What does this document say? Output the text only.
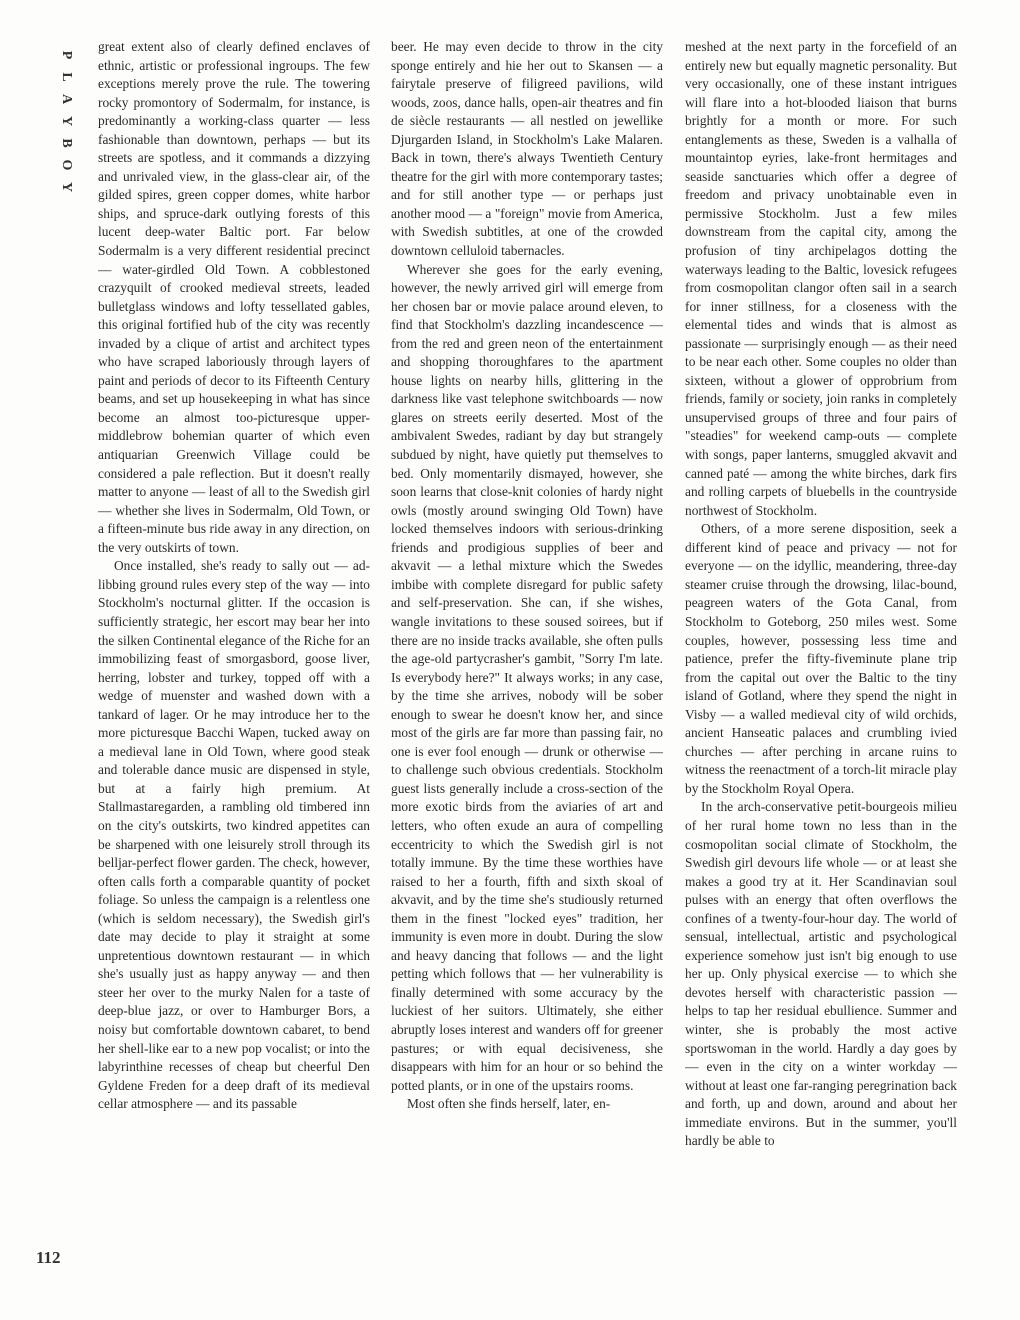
P
L
A
Y
B
O
Y
112

great extent also of clearly defined enclaves of ethnic, artistic or professional ingroups. The few exceptions merely prove the rule. The towering rocky promontory of Sodermalm, for instance, is predominantly a working-class quarter — less fashionable than downtown, perhaps — but its streets are spotless, and it commands a dizzying and unrivaled view, in the glass-clear air, of the gilded spires, green copper domes, white harbor ships, and spruce-dark outlying forests of this lucent deep-water Baltic port. Far below Sodermalm is a very different residential precinct — water-girdled Old Town. A cobblestoned crazyquilt of crooked medieval streets, leaded bulletglass windows and lofty tessellated gables, this original fortified hub of the city was recently invaded by a clique of artist and architect types who have scraped laboriously through layers of paint and periods of decor to its Fifteenth Century beams, and set up housekeeping in what has since become an almost too-picturesque upper-middlebrow bohemian quarter of which even antiquarian Greenwich Village could be considered a pale reflection. But it doesn't really matter to anyone — least of all to the Swedish girl — whether she lives in Sodermalm, Old Town, or a fifteen-minute bus ride away in any direction, on the very outskirts of town.

Once installed, she's ready to sally out — ad-libbing ground rules every step of the way — into Stockholm's nocturnal glitter. If the occasion is sufficiently strategic, her escort may bear her into the silken Continental elegance of the Riche for an immobilizing feast of smorgasbord, goose liver, herring, lobster and turkey, topped off with a wedge of muenster and washed down with a tankard of lager. Or he may introduce her to the more picturesque Bacchi Wapen, tucked away on a medieval lane in Old Town, where good steak and tolerable dance music are dispensed in style, but at a fairly high premium. At Stallmastaregarden, a rambling old timbered inn on the city's outskirts, two kindred appetites can be sharpened with one leisurely stroll through its belljar-perfect flower garden. The check, however, often calls forth a comparable quantity of pocket foliage. So unless the campaign is a relentless one (which is seldom necessary), the Swedish girl's date may decide to play it straight at some unpretentious downtown restaurant — in which she's usually just as happy anyway — and then steer her over to the murky Nalen for a taste of deep-blue jazz, or over to Hamburger Bors, a noisy but comfortable downtown cabaret, to bend her shell-like ear to a new pop vocalist; or into the labyrinthine recesses of cheap but cheerful Den Gyldene Freden for a deep draft of its medieval cellar atmosphere — and its passable

beer. He may even decide to throw in the city sponge entirely and hie her out to Skansen — a fairytale preserve of filigreed pavilions, wild woods, zoos, dance halls, open-air theatres and fin de siècle restaurants — all nestled on jewellike Djurgarden Island, in Stockholm's Lake Malaren. Back in town, there's always Twentieth Century theatre for the girl with more contemporary tastes; and for still another type — or perhaps just another mood — a "foreign" movie from America, with Swedish subtitles, at one of the crowded downtown celluloid tabernacles.

Wherever she goes for the early evening, however, the newly arrived girl will emerge from her chosen bar or movie palace around eleven, to find that Stockholm's dazzling incandescence — from the red and green neon of the entertainment and shopping thoroughfares to the apartment house lights on nearby hills, glittering in the darkness like vast telephone switchboards — now glares on streets eerily deserted. Most of the ambivalent Swedes, radiant by day but strangely subdued by night, have quietly put themselves to bed. Only momentarily dismayed, however, she soon learns that close-knit colonies of hardy night owls (mostly around swinging Old Town) have locked themselves indoors with serious-drinking friends and prodigious supplies of beer and akvavit — a lethal mixture which the Swedes imbibe with complete disregard for public safety and self-preservation. She can, if she wishes, wangle invitations to these soused soirees, but if there are no inside tracks available, she often pulls the age-old partycrasher's gambit, "Sorry I'm late. Is everybody here?" It always works; in any case, by the time she arrives, nobody will be sober enough to swear he doesn't know her, and since most of the girls are far more than passing fair, no one is ever fool enough — drunk or otherwise — to challenge such obvious credentials. Stockholm guest lists generally include a cross-section of the more exotic birds from the aviaries of art and letters, who often exude an aura of compelling eccentricity to which the Swedish girl is not totally immune. By the time these worthies have raised to her a fourth, fifth and sixth skoal of akvavit, and by the time she's studiously returned them in the finest "locked eyes" tradition, her immunity is even more in doubt. During the slow and heavy dancing that follows — and the light petting which follows that — her vulnerability is finally determined with some accuracy by the luckiest of her suitors. Ultimately, she either abruptly loses interest and wanders off for greener pastures; or with equal decisiveness, she disappears with him for an hour or so behind the potted plants, or in one of the upstairs rooms.

Most often she finds herself, later, en-

meshed at the next party in the forcefield of an entirely new but equally magnetic personality. But very occasionally, one of these instant intrigues will flare into a hot-blooded liaison that burns brightly for a month or more. For such entanglements as these, Sweden is a valhalla of mountaintop eyries, lake-front hermitages and seaside sanctuaries which offer a degree of freedom and privacy unobtainable even in permissive Stockholm. Just a few miles downstream from the capital city, among the profusion of tiny archipelagos dotting the waterways leading to the Baltic, lovesick refugees from cosmopolitan clangor often sail in a search for inner stillness, for a closeness with the elemental tides and winds that is almost as passionate — surprisingly enough — as their need to be near each other. Some couples no older than sixteen, without a glower of opprobrium from friends, family or society, join ranks in completely unsupervised groups of three and four pairs of "steadies" for weekend camp-outs — complete with songs, paper lanterns, smuggled akvavit and canned paté — among the white birches, dark firs and rolling carpets of bluebells in the countryside northwest of Stockholm.

Others, of a more serene disposition, seek a different kind of peace and privacy — not for everyone — on the idyllic, meandering, three-day steamer cruise through the drowsing, lilac-bound, peagreen waters of the Gota Canal, from Stockholm to Goteborg, 250 miles west. Some couples, however, possessing less time and patience, prefer the fifty-fiveminute plane trip from the capital out over the Baltic to the tiny island of Gotland, where they spend the night in Visby — a walled medieval city of wild orchids, ancient Hanseatic palaces and crumbling ivied churches — after perching in arcane ruins to witness the reenactment of a torch-lit miracle play by the Stockholm Royal Opera.

In the arch-conservative petit-bourgeois milieu of her rural home town no less than in the cosmopolitan social climate of Stockholm, the Swedish girl devours life whole — or at least she makes a good try at it. Her Scandinavian soul pulses with an energy that often overflows the confines of a twenty-four-hour day. The world of sensual, intellectual, artistic and psychological experience somehow just isn't big enough to use her up. Only physical exercise — to which she devotes herself with characteristic passion — helps to tap her residual ebullience. Summer and winter, she is probably the most active sportswoman in the world. Hardly a day goes by — even in the city on a winter workday — without at least one far-ranging peregrination back and forth, up and down, around and about her immediate environs. But in the summer, you'll hardly be able to
